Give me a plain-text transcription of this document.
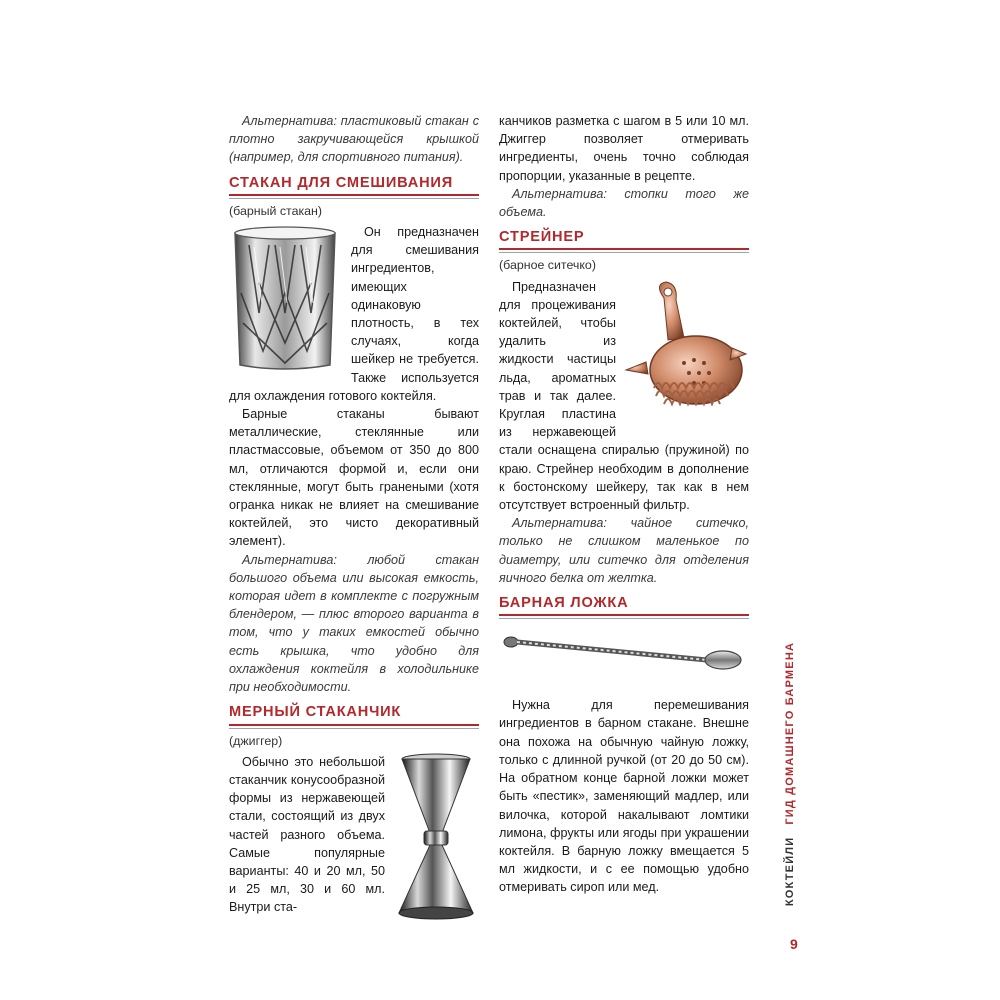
Альтернатива: пластиковый стакан с плотно закручивающейся крышкой (например, для спортивного питания).

СТАКАН ДЛЯ СМЕШИВАНИЯ
(барный стакан)

Он предназначен для смешивания ингредиентов, имеющих одинаковую плотность, в тех случаях, когда шейкер не требуется. Также используется для охлаждения готового коктейля.

Барные стаканы бывают металлические, стеклянные или пластмассовые, объемом от 350 до 800 мл, отличаются формой и, если они стеклянные, могут быть гранеными (хотя огранка никак не влияет на смешивание коктейлей, это чисто декоративный элемент).

Альтернатива: любой стакан большого объема или высокая емкость, которая идет в комплекте с погружным блендером, — плюс второго варианта в том, что у таких емкостей обычно есть крышка, что удобно для охлаждения коктейля в холодильнике при необходимости.

МЕРНЫЙ СТАКАНЧИК
(джиггер)

Обычно это небольшой стаканчик конусообразной формы из нержавеющей стали, состоящий из двух частей разного объема. Самые популярные варианты: 40 и 20 мл, 50 и 25 мл, 30 и 60 мл. Внутри ста-

канчиков разметка с шагом в 5 или 10 мл. Джиггер позволяет отмеривать ингредиенты, очень точно соблюдая пропорции, указанные в рецепте.

Альтернатива: стопки того же объема.

СТРЕЙНЕР
(барное ситечко)

Предназначен для процеживания коктейлей, чтобы удалить из жидкости частицы льда, ароматных трав и так далее. Круглая пластина из нержавеющей стали оснащена спиралью (пружиной) по краю. Стрейнер необходим в дополнение к бостонскому шейкеру, так как в нем отсутствует встроенный фильтр.

Альтернатива: чайное ситечко, только не слишком маленькое по диаметру, или ситечко для отделения яичного белка от желтка.

БАРНАЯ ЛОЖКА

Нужна для перемешивания ингредиентов в барном стакане. Внешне она похожа на обычную чайную ложку, только с длинной ручкой (от 20 до 50 см). На обратном конце барной ложки может быть «пестик», заменяющий мадлер, или вилочка, которой накалывают ломтики лимона, фрукты или ягоды при украшении коктейля. В барную ложку вмещается 5 мл жидкости, и с ее помощью удобно отмеривать сироп или мед.	КОКТЕЙЛИ
ГИД ДОМАШНЕГО БАРМЕНА
9
